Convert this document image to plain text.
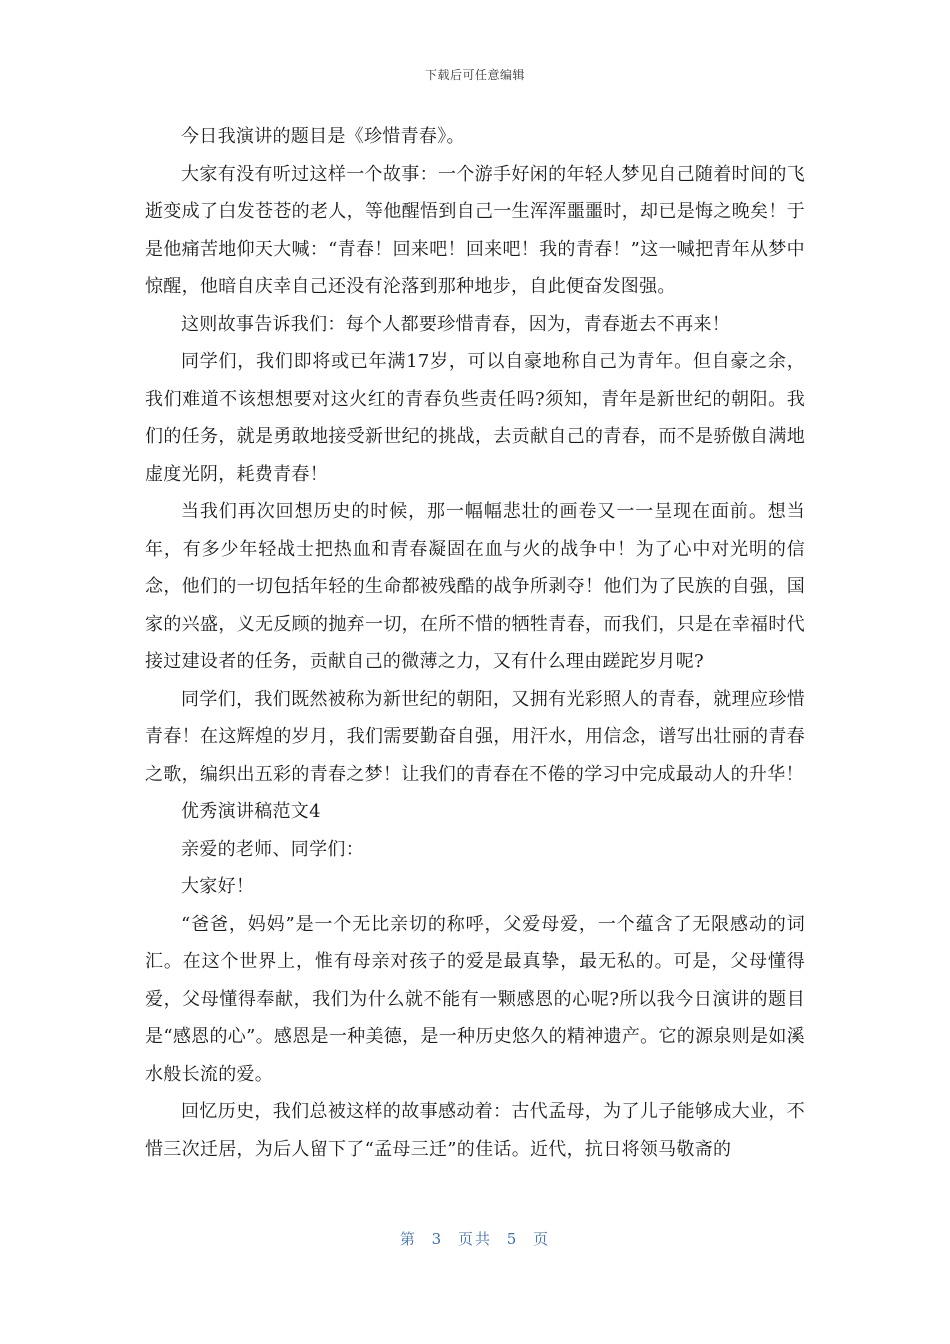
下载后可任意编辑

今日我演讲的题目是《珍惜青春》。

大家有没有听过这样一个故事：一个游手好闲的年轻人梦见自己随着时间的飞逝变成了白发苍苍的老人，等他醒悟到自己一生浑浑噩噩时，却已是悔之晚矣！于是他痛苦地仰天大喊：“青春！回来吧！回来吧！我的青春！”这一喊把青年从梦中惊醒，他暗自庆幸自己还没有沦落到那种地步，自此便奋发图强。

这则故事告诉我们：每个人都要珍惜青春，因为，青春逝去不再来！

同学们，我们即将或已年满17岁，可以自豪地称自己为青年。但自豪之余，我们难道不该想想要对这火红的青春负些责任吗?须知，青年是新世纪的朝阳。我们的任务，就是勇敢地接受新世纪的挑战，去贡献自己的青春，而不是骄傲自满地虚度光阴，耗费青春！

当我们再次回想历史的时候，那一幅幅悲壮的画卷又一一呈现在面前。想当年，有多少年轻战士把热血和青春凝固在血与火的战争中！为了心中对光明的信念，他们的一切包括年轻的生命都被残酷的战争所剥夺！他们为了民族的自强，国家的兴盛，义无反顾的抛弃一切，在所不惜的牺牲青春，而我们，只是在幸福时代接过建设者的任务，贡献自己的微薄之力，又有什么理由蹉跎岁月呢?

同学们，我们既然被称为新世纪的朝阳，又拥有光彩照人的青春，就理应珍惜青春！在这辉煌的岁月，我们需要勤奋自强，用汗水，用信念，谱写出壮丽的青春之歌，编织出五彩的青春之梦！让我们的青春在不倦的学习中完成最动人的升华！

优秀演讲稿范文4

亲爱的老师、同学们：

大家好！

“爸爸，妈妈”是一个无比亲切的称呼，父爱母爱，一个蕴含了无限感动的词汇。在这个世界上，惟有母亲对孩子的爱是最真挚，最无私的。可是，父母懂得爱，父母懂得奉献，我们为什么就不能有一颗感恩的心呢?所以我今日演讲的题目是“感恩的心”。感恩是一种美德，是一种历史悠久的精神遗产。它的源泉则是如溪水般长流的爱。

回忆历史，我们总被这样的故事感动着：古代孟母，为了儿子能够成大业，不惜三次迁居，为后人留下了“孟母三迁”的佳话。近代，抗日将领马敬斋的

第 3 页共 5 页
